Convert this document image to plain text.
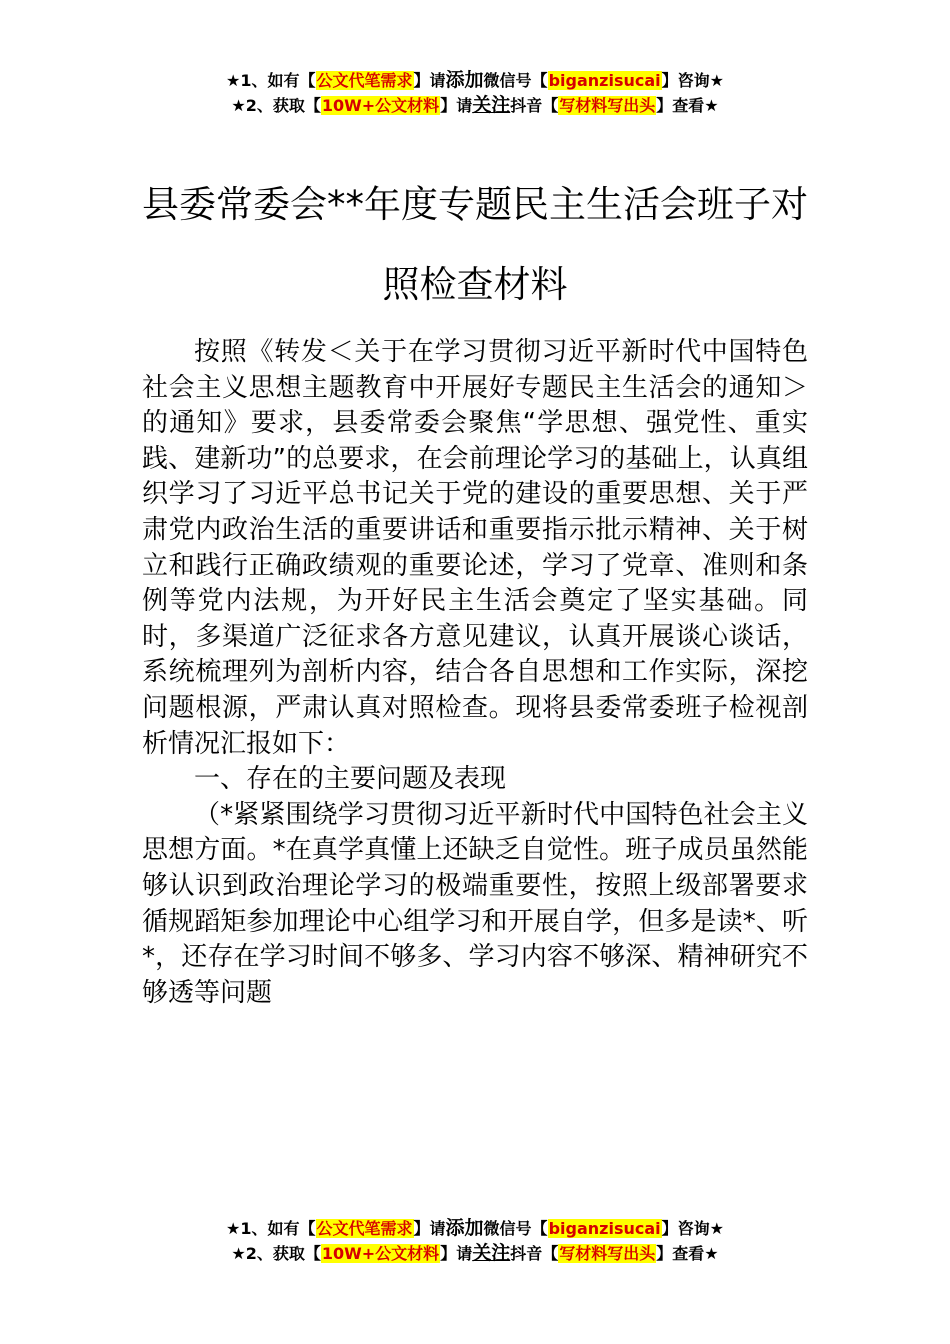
★1、如有【公文代笔需求】请添加微信号【biganzisucai】咨询★
★2、获取【10W+公文材料】请关注抖音【写材料写出头】查看★
县委常委会**年度专题民主生活会班子对照检查材料

按照《转发＜关于在学习贯彻习近平新时代中国特色社会主义思想主题教育中开展好专题民主生活会的通知＞的通知》要求，县委常委会聚焦“学思想、强党性、重实践、建新功”的总要求，在会前理论学习的基础上，认真组织学习了习近平总书记关于党的建设的重要思想、关于严肃党内政治生活的重要讲话和重要指示批示精神、关于树立和践行正确政绩观的重要论述，学习了党章、准则和条例等党内法规，为开好民主生活会奠定了坚实基础。同时，多渠道广泛征求各方意见建议，认真开展谈心谈话，系统梳理列为剖析内容，结合各自思想和工作实际，深挖问题根源，严肃认真对照检查。现将县委常委班子检视剖析情况汇报如下：

一、存在的主要问题及表现

（*紧紧围绕学习贯彻习近平新时代中国特色社会主义思想方面。*在真学真懂上还缺乏自觉性。班子成员虽然能够认识到政治理论学习的极端重要性，按照上级部署要求循规蹈矩参加理论中心组学习和开展自学，但多是读*、听*，还存在学习时间不够多、学习内容不够深、精神研究不够透等问题

★1、如有【公文代笔需求】请添加微信号【biganzisucai】咨询★
★2、获取【10W+公文材料】请关注抖音【写材料写出头】查看★
